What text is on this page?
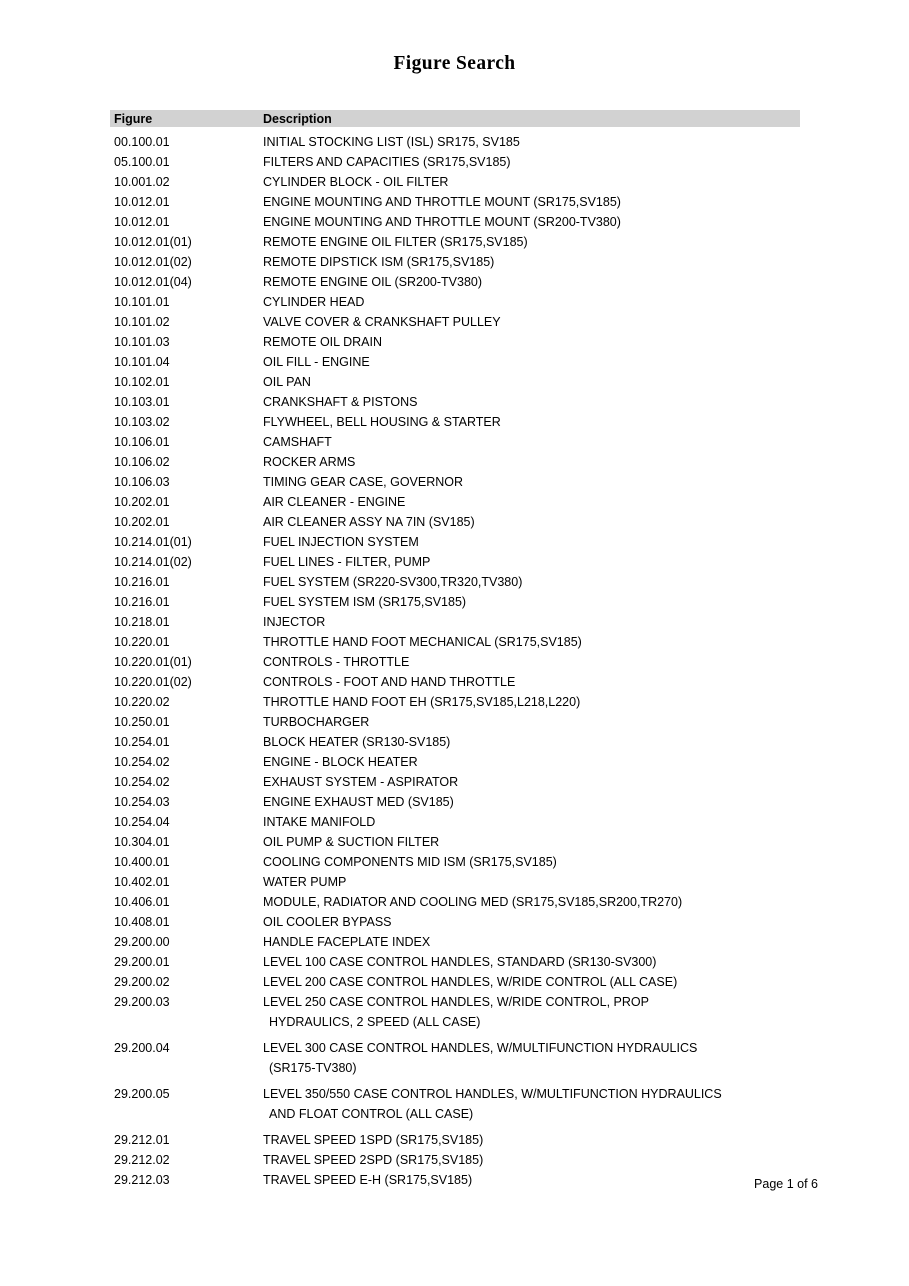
Figure Search
Figure	Description
00.100.01	INITIAL STOCKING LIST (ISL) SR175, SV185
05.100.01	FILTERS AND CAPACITIES (SR175,SV185)
10.001.02	CYLINDER BLOCK - OIL FILTER
10.012.01	ENGINE MOUNTING AND THROTTLE MOUNT (SR175,SV185)
10.012.01	ENGINE MOUNTING AND THROTTLE MOUNT (SR200-TV380)
10.012.01(01)	REMOTE ENGINE OIL FILTER (SR175,SV185)
10.012.01(02)	REMOTE DIPSTICK ISM (SR175,SV185)
10.012.01(04)	REMOTE ENGINE OIL (SR200-TV380)
10.101.01	CYLINDER HEAD
10.101.02	VALVE COVER & CRANKSHAFT PULLEY
10.101.03	REMOTE OIL DRAIN
10.101.04	OIL FILL - ENGINE
10.102.01	OIL PAN
10.103.01	CRANKSHAFT & PISTONS
10.103.02	FLYWHEEL, BELL HOUSING & STARTER
10.106.01	CAMSHAFT
10.106.02	ROCKER ARMS
10.106.03	TIMING GEAR CASE, GOVERNOR
10.202.01	AIR CLEANER - ENGINE
10.202.01	AIR CLEANER ASSY NA 7IN (SV185)
10.214.01(01)	FUEL INJECTION SYSTEM
10.214.01(02)	FUEL LINES - FILTER, PUMP
10.216.01	FUEL SYSTEM (SR220-SV300,TR320,TV380)
10.216.01	FUEL SYSTEM ISM (SR175,SV185)
10.218.01	INJECTOR
10.220.01	THROTTLE HAND FOOT MECHANICAL (SR175,SV185)
10.220.01(01)	CONTROLS - THROTTLE
10.220.01(02)	CONTROLS - FOOT AND HAND THROTTLE
10.220.02	THROTTLE HAND FOOT EH (SR175,SV185,L218,L220)
10.250.01	TURBOCHARGER
10.254.01	BLOCK HEATER (SR130-SV185)
10.254.02	ENGINE - BLOCK HEATER
10.254.02	EXHAUST SYSTEM - ASPIRATOR
10.254.03	ENGINE EXHAUST MED (SV185)
10.254.04	INTAKE MANIFOLD
10.304.01	OIL PUMP & SUCTION FILTER
10.400.01	COOLING COMPONENTS MID ISM (SR175,SV185)
10.402.01	WATER PUMP
10.406.01	MODULE, RADIATOR AND COOLING MED (SR175,SV185,SR200,TR270)
10.408.01	OIL COOLER BYPASS
29.200.00	HANDLE FACEPLATE INDEX
29.200.01	LEVEL 100 CASE CONTROL HANDLES, STANDARD (SR130-SV300)
29.200.02	LEVEL 200 CASE CONTROL HANDLES, W/RIDE CONTROL (ALL CASE)
29.200.03	LEVEL 250 CASE CONTROL HANDLES, W/RIDE CONTROL, PROP
HYDRAULICS, 2 SPEED (ALL CASE)
29.200.04	LEVEL 300 CASE CONTROL HANDLES, W/MULTIFUNCTION HYDRAULICS
(SR175-TV380)
29.200.05	LEVEL 350/550 CASE CONTROL HANDLES, W/MULTIFUNCTION HYDRAULICS
AND FLOAT CONTROL (ALL CASE)
29.212.01	TRAVEL SPEED 1SPD (SR175,SV185)
29.212.02	TRAVEL SPEED 2SPD (SR175,SV185)
29.212.03	TRAVEL SPEED E-H (SR175,SV185)	Page 1 of 6
